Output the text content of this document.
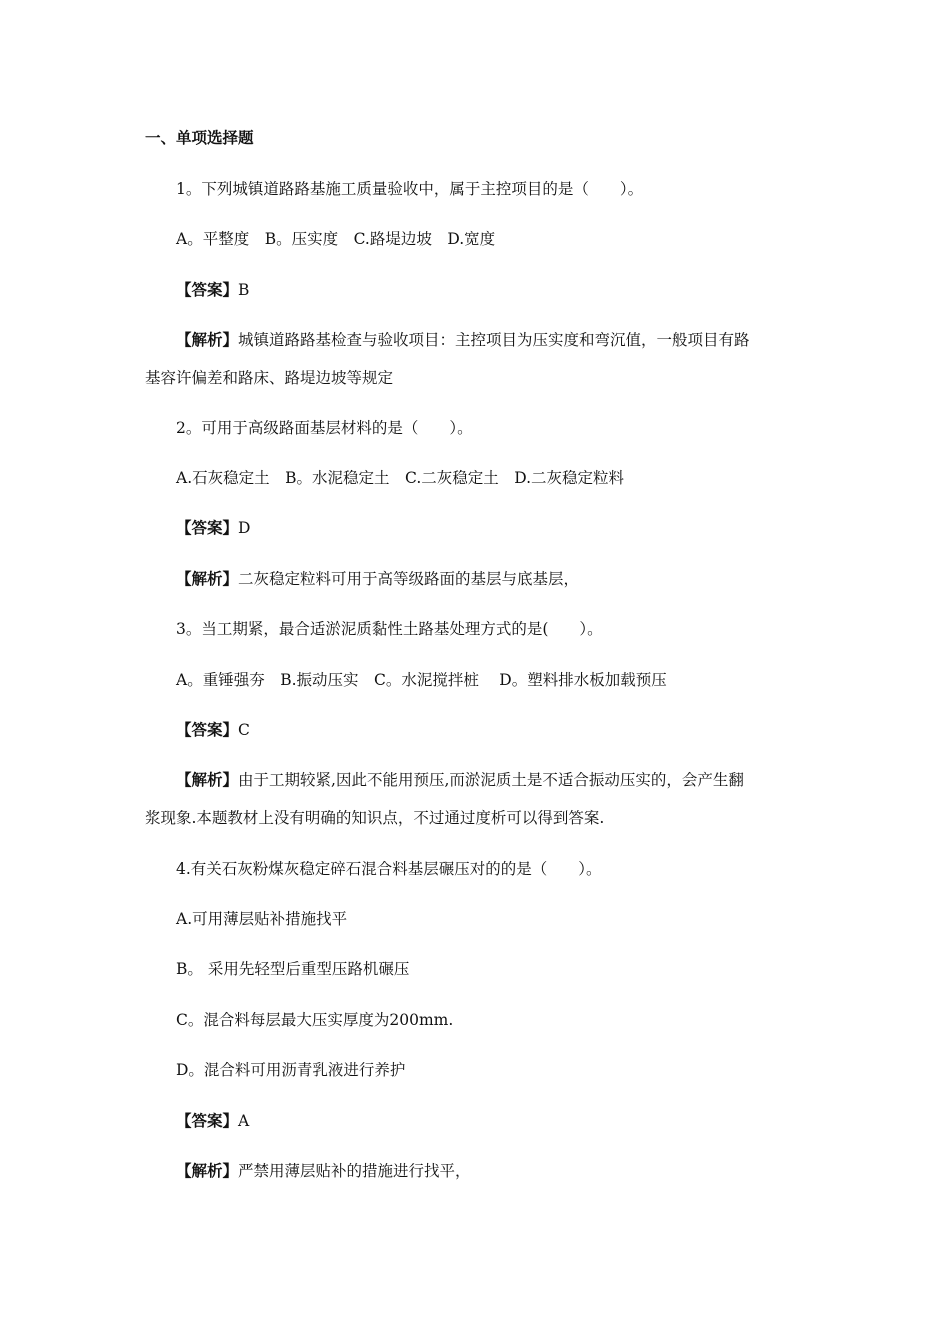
一、单项选择题
1。下列城镇道路路基施工质量验收中，属于主控项目的是（　　）。
A。平整度　B。压实度　C.路堤边坡　D.宽度
【答案】B
【解析】城镇道路路基检查与验收项目：主控项目为压实度和弯沉值，一般项目有路
基容许偏差和路床、路堤边坡等规定
2。可用于高级路面基层材料的是（　　）。
A.石灰稳定土　B。水泥稳定土　C.二灰稳定土　D.二灰稳定粒料
【答案】D
【解析】二灰稳定粒料可用于高等级路面的基层与底基层，
3。当工期紧，最合适淤泥质黏性土路基处理方式的是(　　）。
A。重锤强夯　B.振动压实　C。水泥搅拌桩　 D。塑料排水板加载预压
【答案】C
【解析】由于工期较紧,因此不能用预压,而淤泥质土是不适合振动压实的，会产生翻
浆现象.本题教材上没有明确的知识点，不过通过度析可以得到答案.
4.有关石灰粉煤灰稳定碎石混合料基层碾压对的的是（　　）。
A.可用薄层贴补措施找平
B。 采用先轻型后重型压路机碾压
C。混合料每层最大压实厚度为200mm.
D。混合料可用沥青乳液进行养护
【答案】A
【解析】严禁用薄层贴补的措施进行找平，
